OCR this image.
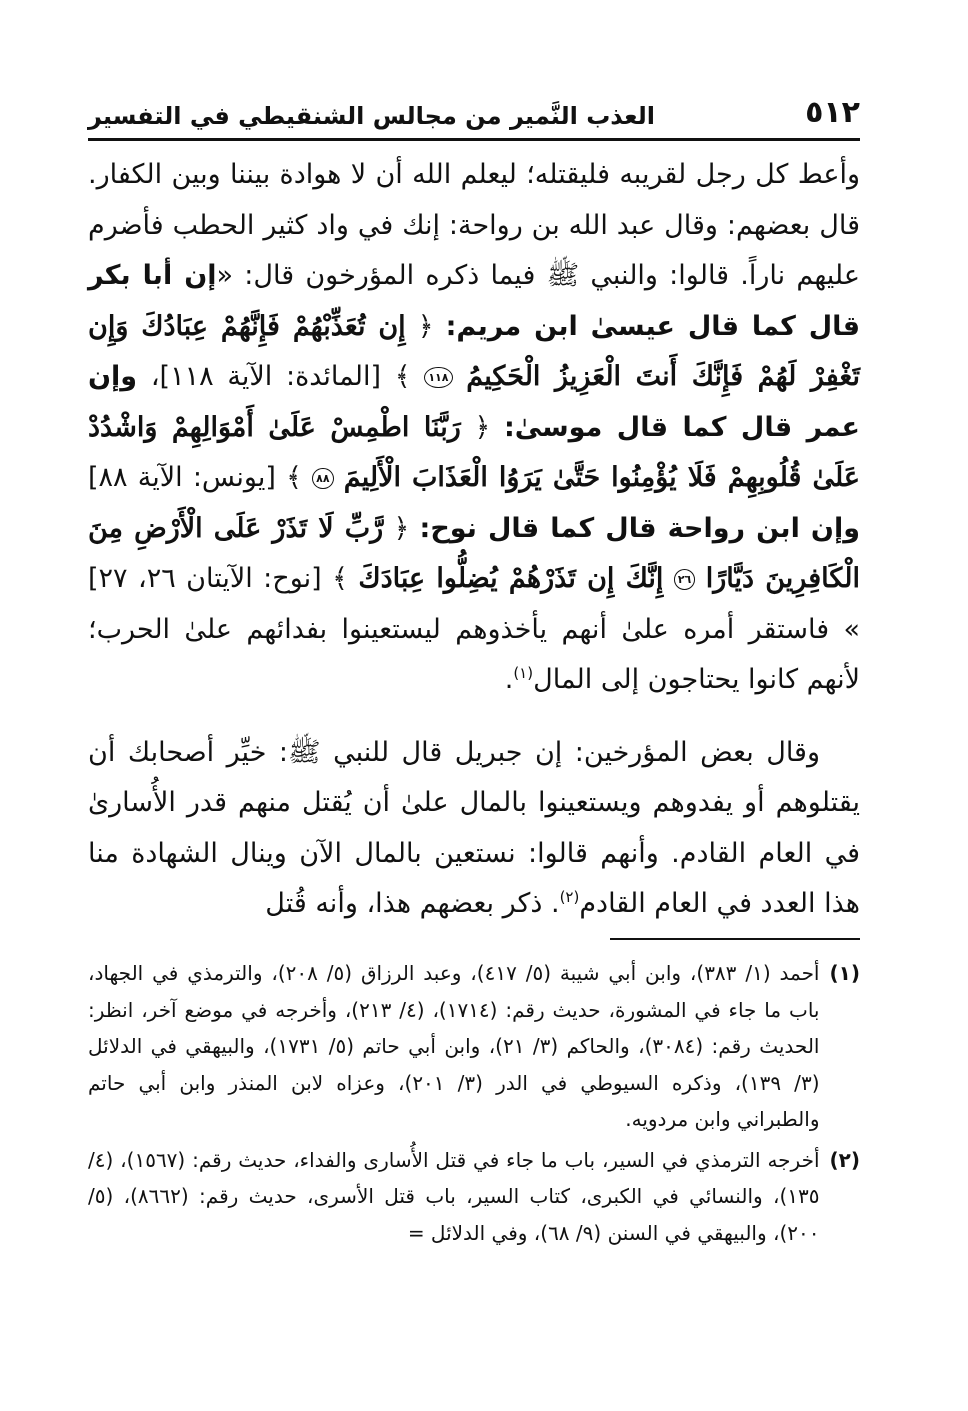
٥١٢
العذب النَّمير من مجالس الشنقيطي في التفسير

وأعط كل رجل لقريبه فليقتله؛ ليعلم الله أن لا هوادة بيننا وبين الكفار. قال بعضهم: وقال عبد الله بن رواحة: إنك في واد كثير الحطب فأضرم عليهم ناراً. قالوا: والنبي ﷺ فيما ذكره المؤرخون قال: «إن أبا بكر قال كما قال عيسىٰ ابن مريم: ﴿ إِن تُعَذِّبْهُمْ فَإِنَّهُمْ عِبَادُكَ وَإِن تَغْفِرْ لَهُمْ فَإِنَّكَ أَنتَ الْعَزِيزُ الْحَكِيمُ ١١٨ ﴾ [المائدة: الآية ١١٨]، وإن عمر قال كما قال موسىٰ: ﴿ رَبَّنَا اطْمِسْ عَلَىٰ أَمْوَالِهِمْ وَاشْدُدْ عَلَىٰ قُلُوبِهِمْ فَلَا يُؤْمِنُوا حَتَّىٰ يَرَوُا الْعَذَابَ الْأَلِيمَ ٨٨ ﴾ [يونس: الآية ٨٨] وإن ابن رواحة قال كما قال نوح: ﴿ رَّبِّ لَا تَذَرْ عَلَى الْأَرْضِ مِنَ الْكَافِرِينَ دَيَّارًا ٢٦ إِنَّكَ إِن تَذَرْهُمْ يُضِلُّوا عِبَادَكَ ﴾ [نوح: الآيتان ٢٦، ٢٧] » فاستقر أمره علىٰ أنهم يأخذوهم ليستعينوا بفدائهم علىٰ الحرب؛ لأنهم كانوا يحتاجون إلى المال$^{(١)}$.

وقال بعض المؤرخين: إن جبريل قال للنبي ﷺ: خيِّر أصحابك أن يقتلوهم أو يفدوهم ويستعينوا بالمال علىٰ أن يُقتل منهم قدر الأُسارىٰ في العام القادم. وأنهم قالوا: نستعين بالمال الآن وينال الشهادة منا هذا العدد في العام القادم$^{(٢)}$. ذكر بعضهم هذا، وأنه قُتل

(١)
أحمد (١/ ٣٨٣)، وابن أبي شيبة (٥/ ٤١٧)، وعبد الرزاق (٥/ ٢٠٨)، والترمذي في الجهاد، باب ما جاء في المشورة، حديث رقم: (١٧١٤)، (٤/ ٢١٣)، وأخرجه في موضع آخر، انظر: الحديث رقم: (٣٠٨٤)، والحاكم (٣/ ٢١)، وابن أبي حاتم (٥/ ١٧٣١)، والبيهقي في الدلائل (٣/ ١٣٩)، وذكره السيوطي في الدر (٣/ ٢٠١)، وعزاه لابن المنذر وابن أبي حاتم والطبراني وابن مردويه.
(٢)
أخرجه الترمذي في السير، باب ما جاء في قتل الأُسارى والفداء، حديث رقم: (١٥٦٧)، (٤/ ١٣٥)، والنسائي في الكبرى، كتاب السير، باب قتل الأسرى، حديث رقم: (٨٦٦٢)، (٥/ ٢٠٠)، والبيهقي في السنن (٩/ ٦٨)، وفي الدلائل =
